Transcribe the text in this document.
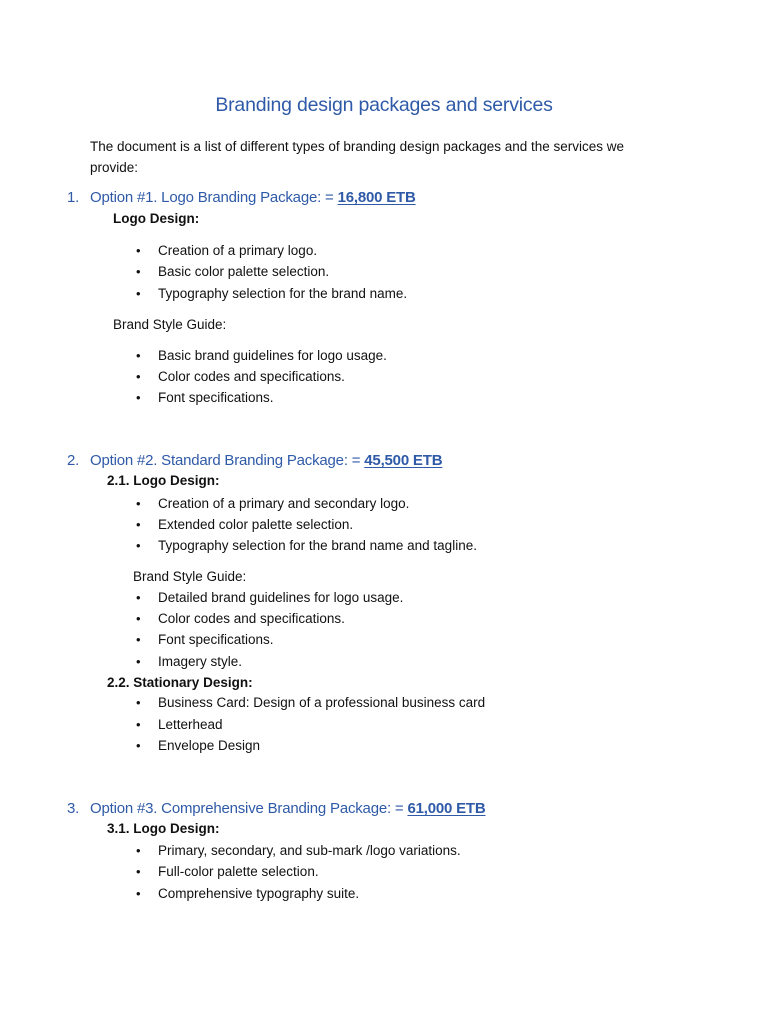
Branding design packages and services
The document is a list of different types of branding design packages and the services we provide:
1. Option #1. Logo Branding Package: = 16,800 ETB
Logo Design:
• Creation of a primary logo.
• Basic color palette selection.
• Typography selection for the brand name.
Brand Style Guide:
• Basic brand guidelines for logo usage.
• Color codes and specifications.
• Font specifications.
2. Option #2. Standard Branding Package: = 45,500 ETB
2.1. Logo Design:
• Creation of a primary and secondary logo.
• Extended color palette selection.
• Typography selection for the brand name and tagline.
Brand Style Guide:
• Detailed brand guidelines for logo usage.
• Color codes and specifications.
• Font specifications.
• Imagery style.
2.2. Stationary Design:
• Business Card: Design of a professional business card
• Letterhead
• Envelope Design
3. Option #3. Comprehensive Branding Package: = 61,000 ETB
3.1. Logo Design:
• Primary, secondary, and sub-mark /logo variations.
• Full-color palette selection.
• Comprehensive typography suite.
